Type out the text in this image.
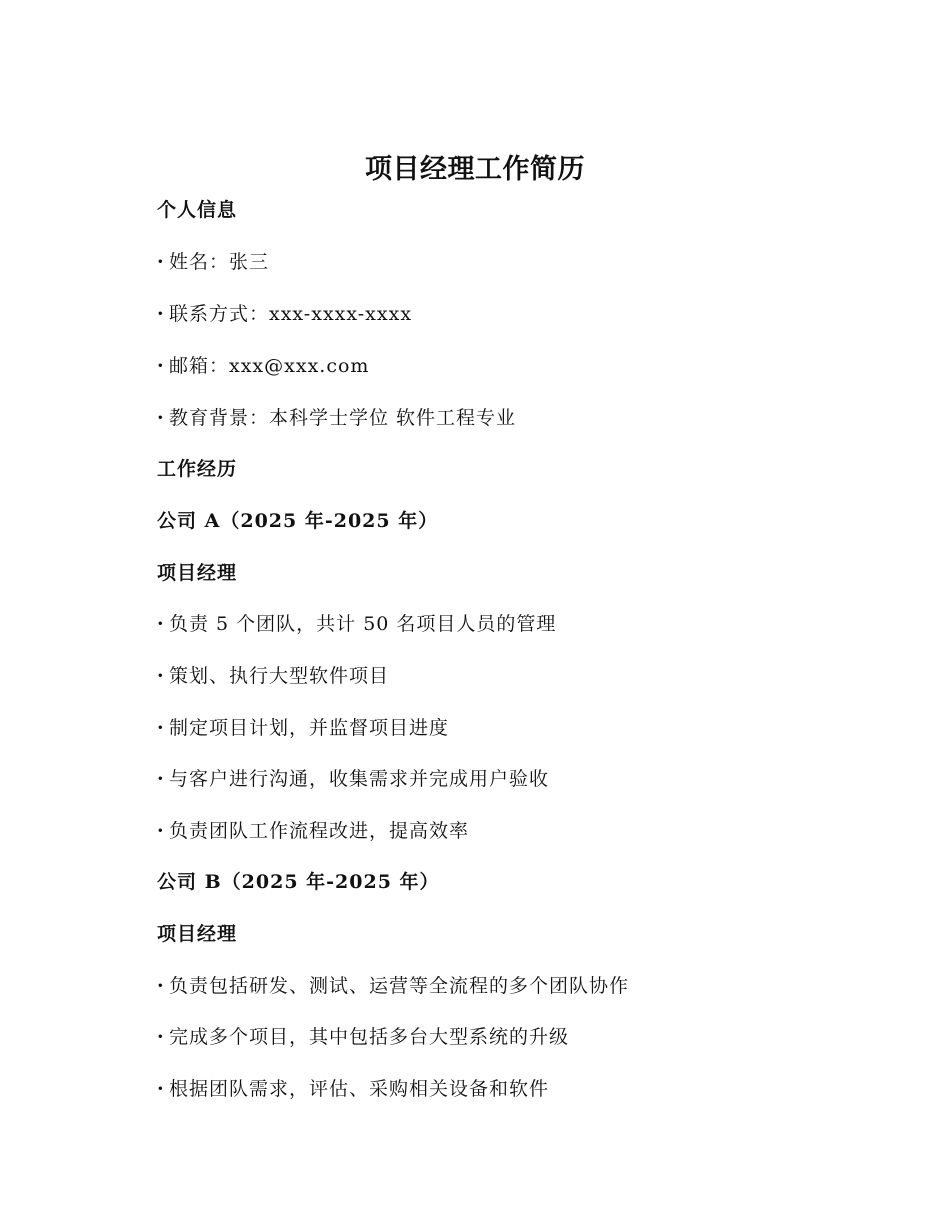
项目经理工作简历
个人信息
· 姓名：张三
· 联系方式：xxx-xxxx-xxxx
· 邮箱：xxx@xxx.com
· 教育背景：本科学士学位 软件工程专业
工作经历
公司 A（2025 年-2025 年）
项目经理
· 负责 5 个团队，共计 50 名项目人员的管理
· 策划、执行大型软件项目
· 制定项目计划，并监督项目进度
· 与客户进行沟通，收集需求并完成用户验收
· 负责团队工作流程改进，提高效率
公司 B（2025 年-2025 年）
项目经理
· 负责包括研发、测试、运营等全流程的多个团队协作
· 完成多个项目，其中包括多台大型系统的升级
· 根据团队需求，评估、采购相关设备和软件
